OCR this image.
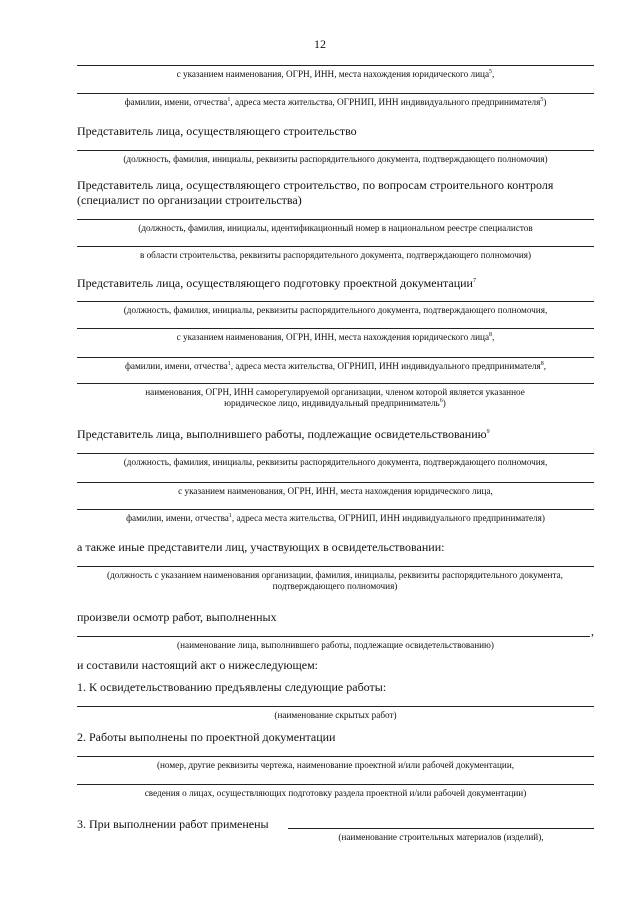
12
с указанием наименования, ОГРН, ИНН, места нахождения юридического лица$^5$,
фамилии, имени, отчества$^1$, адреса места жительства, ОГРНИП, ИНН индивидуального предпринимателя$^5$)
Представитель лица, осуществляющего строительство
(должность, фамилия, инициалы, реквизиты распорядительного документа, подтверждающего полномочия)
Представитель лица, осуществляющего строительство, по вопросам строительного контроля (специалист по организации строительства)
(должность, фамилия, инициалы, идентификационный номер в национальном реестре специалистов
в области строительства, реквизиты распорядительного документа, подтверждающего полномочия)
Представитель лица, осуществляющего подготовку проектной документации$^7$
(должность, фамилия, инициалы, реквизиты распорядительного документа, подтверждающего полномочия,
с указанием наименования, ОГРН, ИНН, места нахождения юридического лица$^8$,
фамилии, имени, отчества$^1$, адреса места жительства, ОГРНИП, ИНН индивидуального предпринимателя$^8$,
наименования, ОГРН, ИНН саморегулируемой организации, членом которой является указанное юридическое лицо, индивидуальный предприниматель$^6$)
Представитель лица, выполнившего работы, подлежащие освидетельствованию$^9$
(должность, фамилия, инициалы, реквизиты распорядительного документа, подтверждающего полномочия,
с указанием наименования, ОГРН, ИНН, места нахождения юридического лица,
фамилии, имени, отчества$^1$, адреса места жительства, ОГРНИП, ИНН индивидуального предпринимателя)
а также иные представители лиц, участвующих в освидетельствовании:
(должность с указанием наименования организации, фамилия, инициалы, реквизиты распорядительного документа, подтверждающего полномочия)
произвели осмотр работ, выполненных
,
(наименование лица, выполнившего работы, подлежащие освидетельствованию)
и составили настоящий акт о нижеследующем:
1. К освидетельствованию предъявлены следующие работы:
(наименование скрытых работ)
2. Работы выполнены по проектной документации
(номер, другие реквизиты чертежа, наименование проектной и/или рабочей документации,
сведения о лицах, осуществляющих подготовку раздела проектной и/или рабочей документации)
3. При выполнении работ применены
(наименование строительных материалов (изделий),
